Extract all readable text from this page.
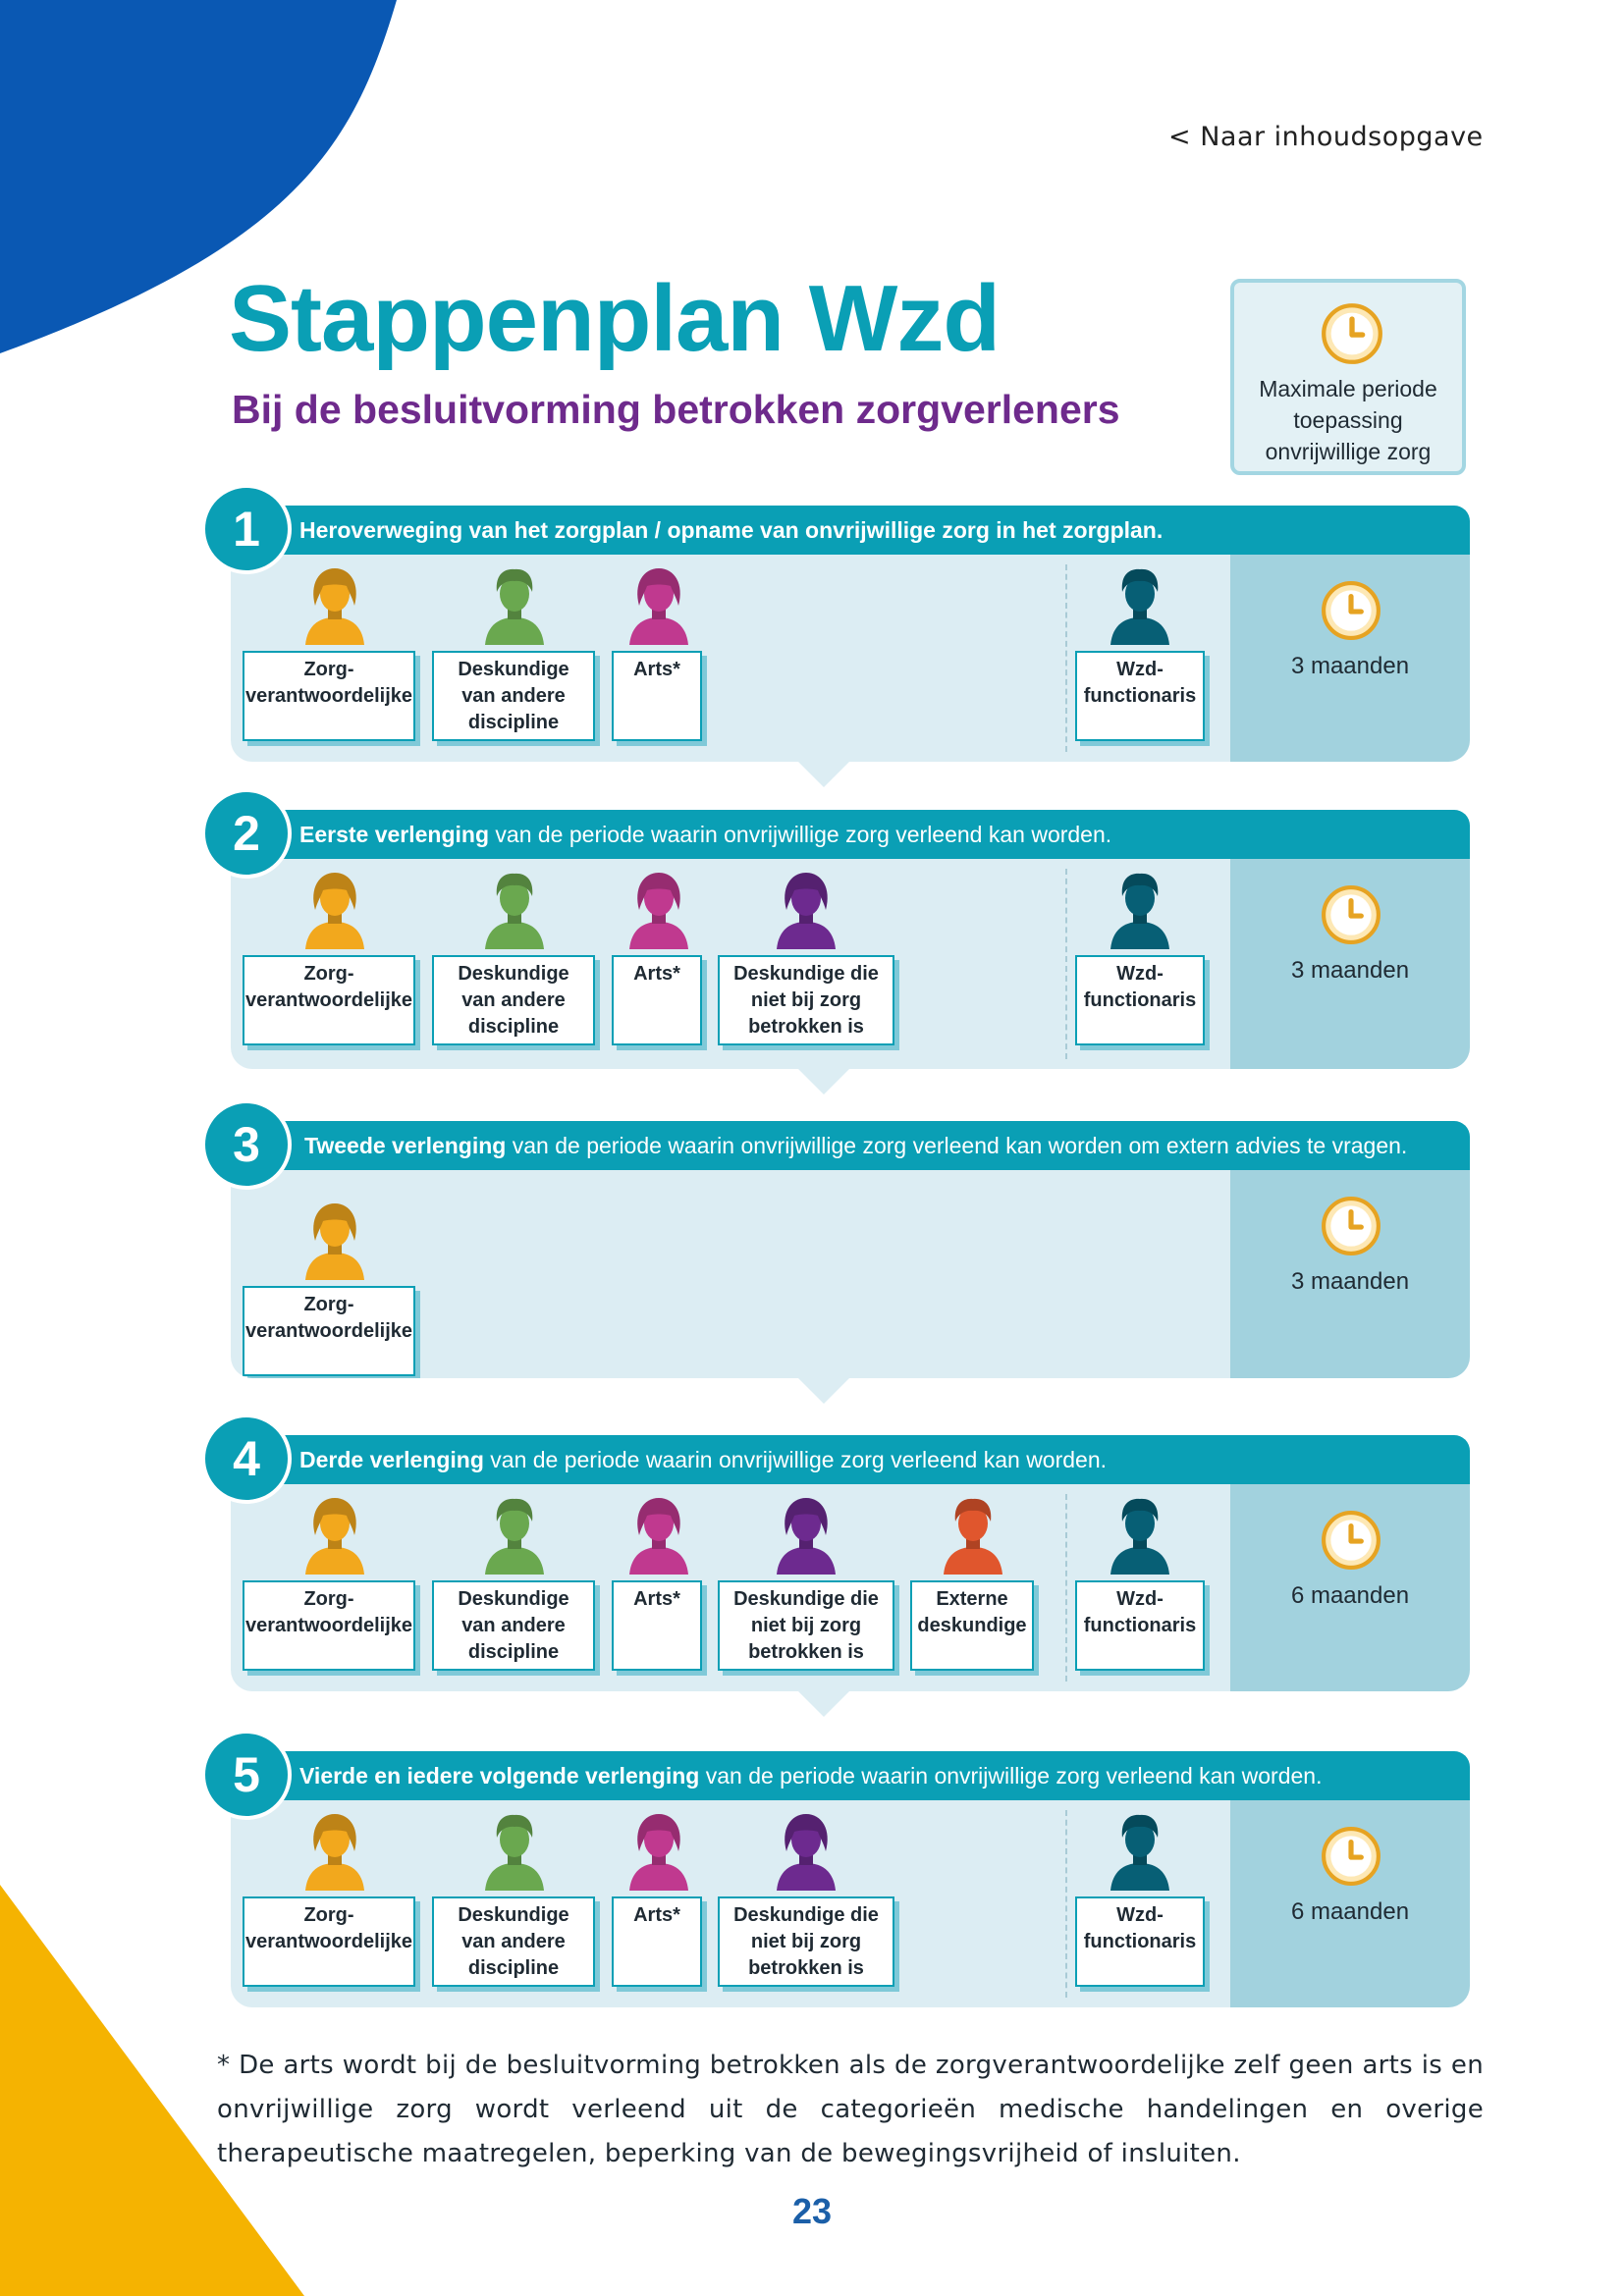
< Naar inhoudsopgave
Stappenplan Wzd
Bij de besluitvorming betrokken zorgverleners	Maximale periode
toepassing
onvrijwillige zorg
Heroverweging van het zorgplan / opname van onvrijwillige zorg in het zorgplan.
3 maanden
Zorg-
verantwoordelijke
Deskundige
van andere
discipline
Arts*	Wzd-
functionaris
1
Eerste verlenging van de periode waarin onvrijwillige zorg verleend kan worden.
3 maanden
Zorg-
verantwoordelijke
Deskundige
van andere
discipline
Arts*	Deskundige die
niet bij zorg
betrokken is
Wzd-
functionaris
2
Tweede verlenging van de periode waarin onvrijwillige zorg verleend kan worden om extern advies te vragen.
3 maanden
Zorg-
verantwoordelijke
3
Derde verlenging van de periode waarin onvrijwillige zorg verleend kan worden.
6 maanden
Zorg-
verantwoordelijke
Deskundige
van andere
discipline
Arts*	Deskundige die
niet bij zorg
betrokken is
Externe
deskundige
Wzd-
functionaris
4
Vierde en iedere volgende verlenging van de periode waarin onvrijwillige zorg verleend kan worden.
6 maanden
Zorg-
verantwoordelijke
Deskundige
van andere
discipline
Arts*	Deskundige die
niet bij zorg
betrokken is
Wzd-
functionaris
5
* De arts wordt bij de besluitvorming betrokken als de zorgverantwoordelijke zelf geen arts is en onvrijwillige zorg wordt verleend uit de categorieën medische handelingen en overige therapeutische maatregelen, beperking van de bewegingsvrijheid of insluiten.
23
